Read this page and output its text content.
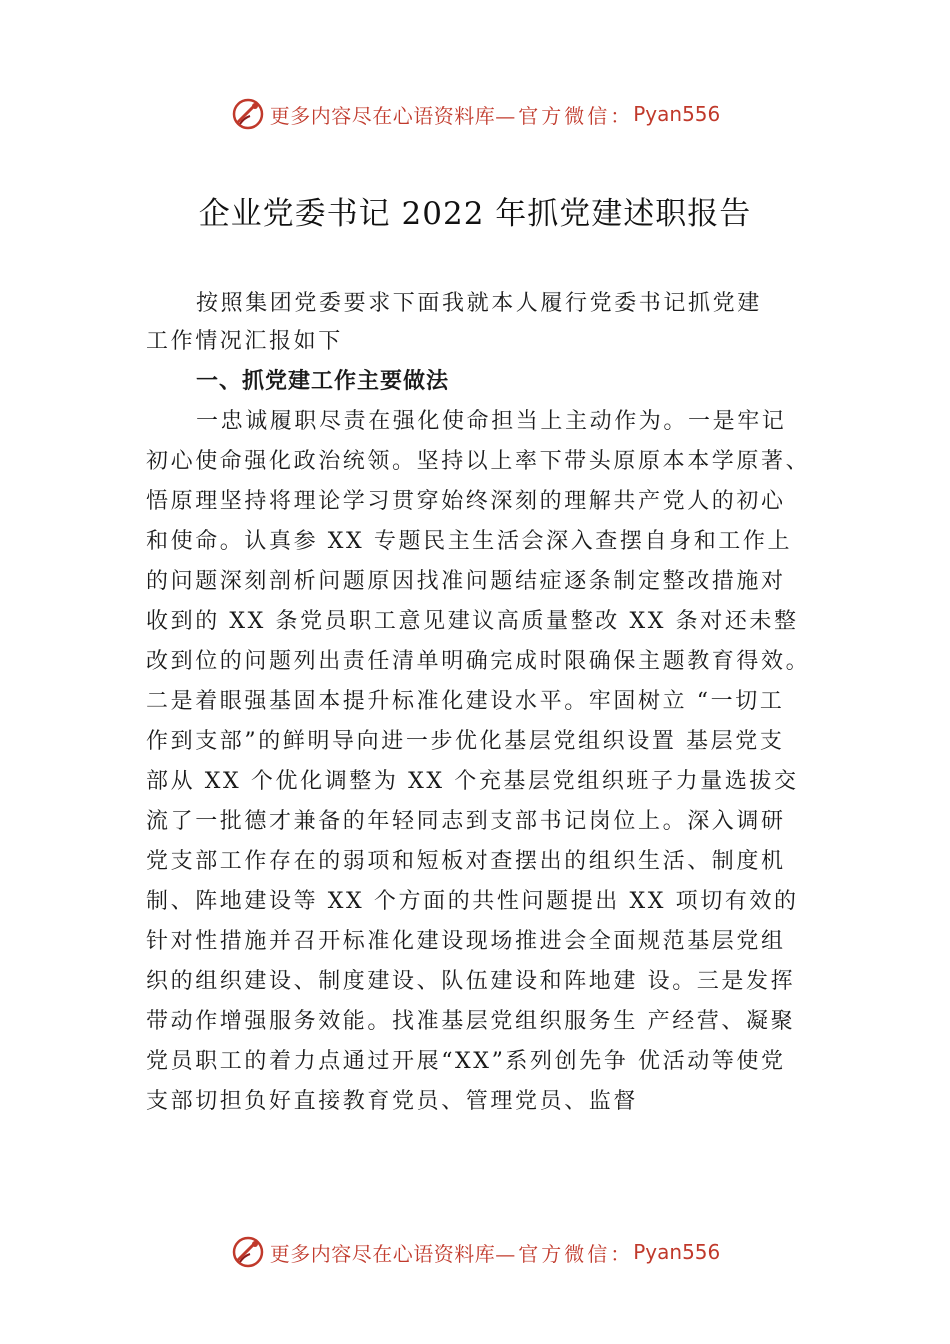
更多内容尽在心语资料库 —官方微信： Pyan556
企业党委书记 2022 年抓党建述职报告
按照集团党委要求下面我就本人履行党委书记抓党建
工作情况汇报如下
一、抓党建工作主要做法
一忠诚履职尽责在强化使命担当上主动作为。一是牢记
初心使命强化政治统领。坚持以上率下带头原原本本学原著、
悟原理坚持将理论学习贯穿始终深刻的理解共产党人的初心
和使命。认真参 XX 专题民主生活会深入查摆自身和工作上
的问题深刻剖析问题原因找准问题结症逐条制定整改措施对
收到的 XX 条党员职工意见建议高质量整改 XX 条对还未整
改到位的问题列出责任清单明确完成时限确保主题教育得效。
二是着眼强基固本提升标准化建设水平。牢固树立 “一切工
作到支部”的鲜明导向进一步优化基层党组织设置 基层党支
部从 XX 个优化调整为 XX 个充基层党组织班子力量选拔交
流了一批德才兼备的年轻同志到支部书记岗位上。深入调研
党支部工作存在的弱项和短板对查摆出的组织生活、制度机
制、阵地建设等 XX 个方面的共性问题提出 XX 项切有效的
针对性措施并召开标准化建设现场推进会全面规范基层党组
织的组织建设、制度建设、队伍建设和阵地建 设。三是发挥
带动作增强服务效能。找准基层党组织服务生 产经营、凝聚
党员职工的着力点通过开展“XX”系列创先争 优活动等使党
支部切担负好直接教育党员、管理党员、监督
更多内容尽在心语资料库 —官方微信： Pyan556
